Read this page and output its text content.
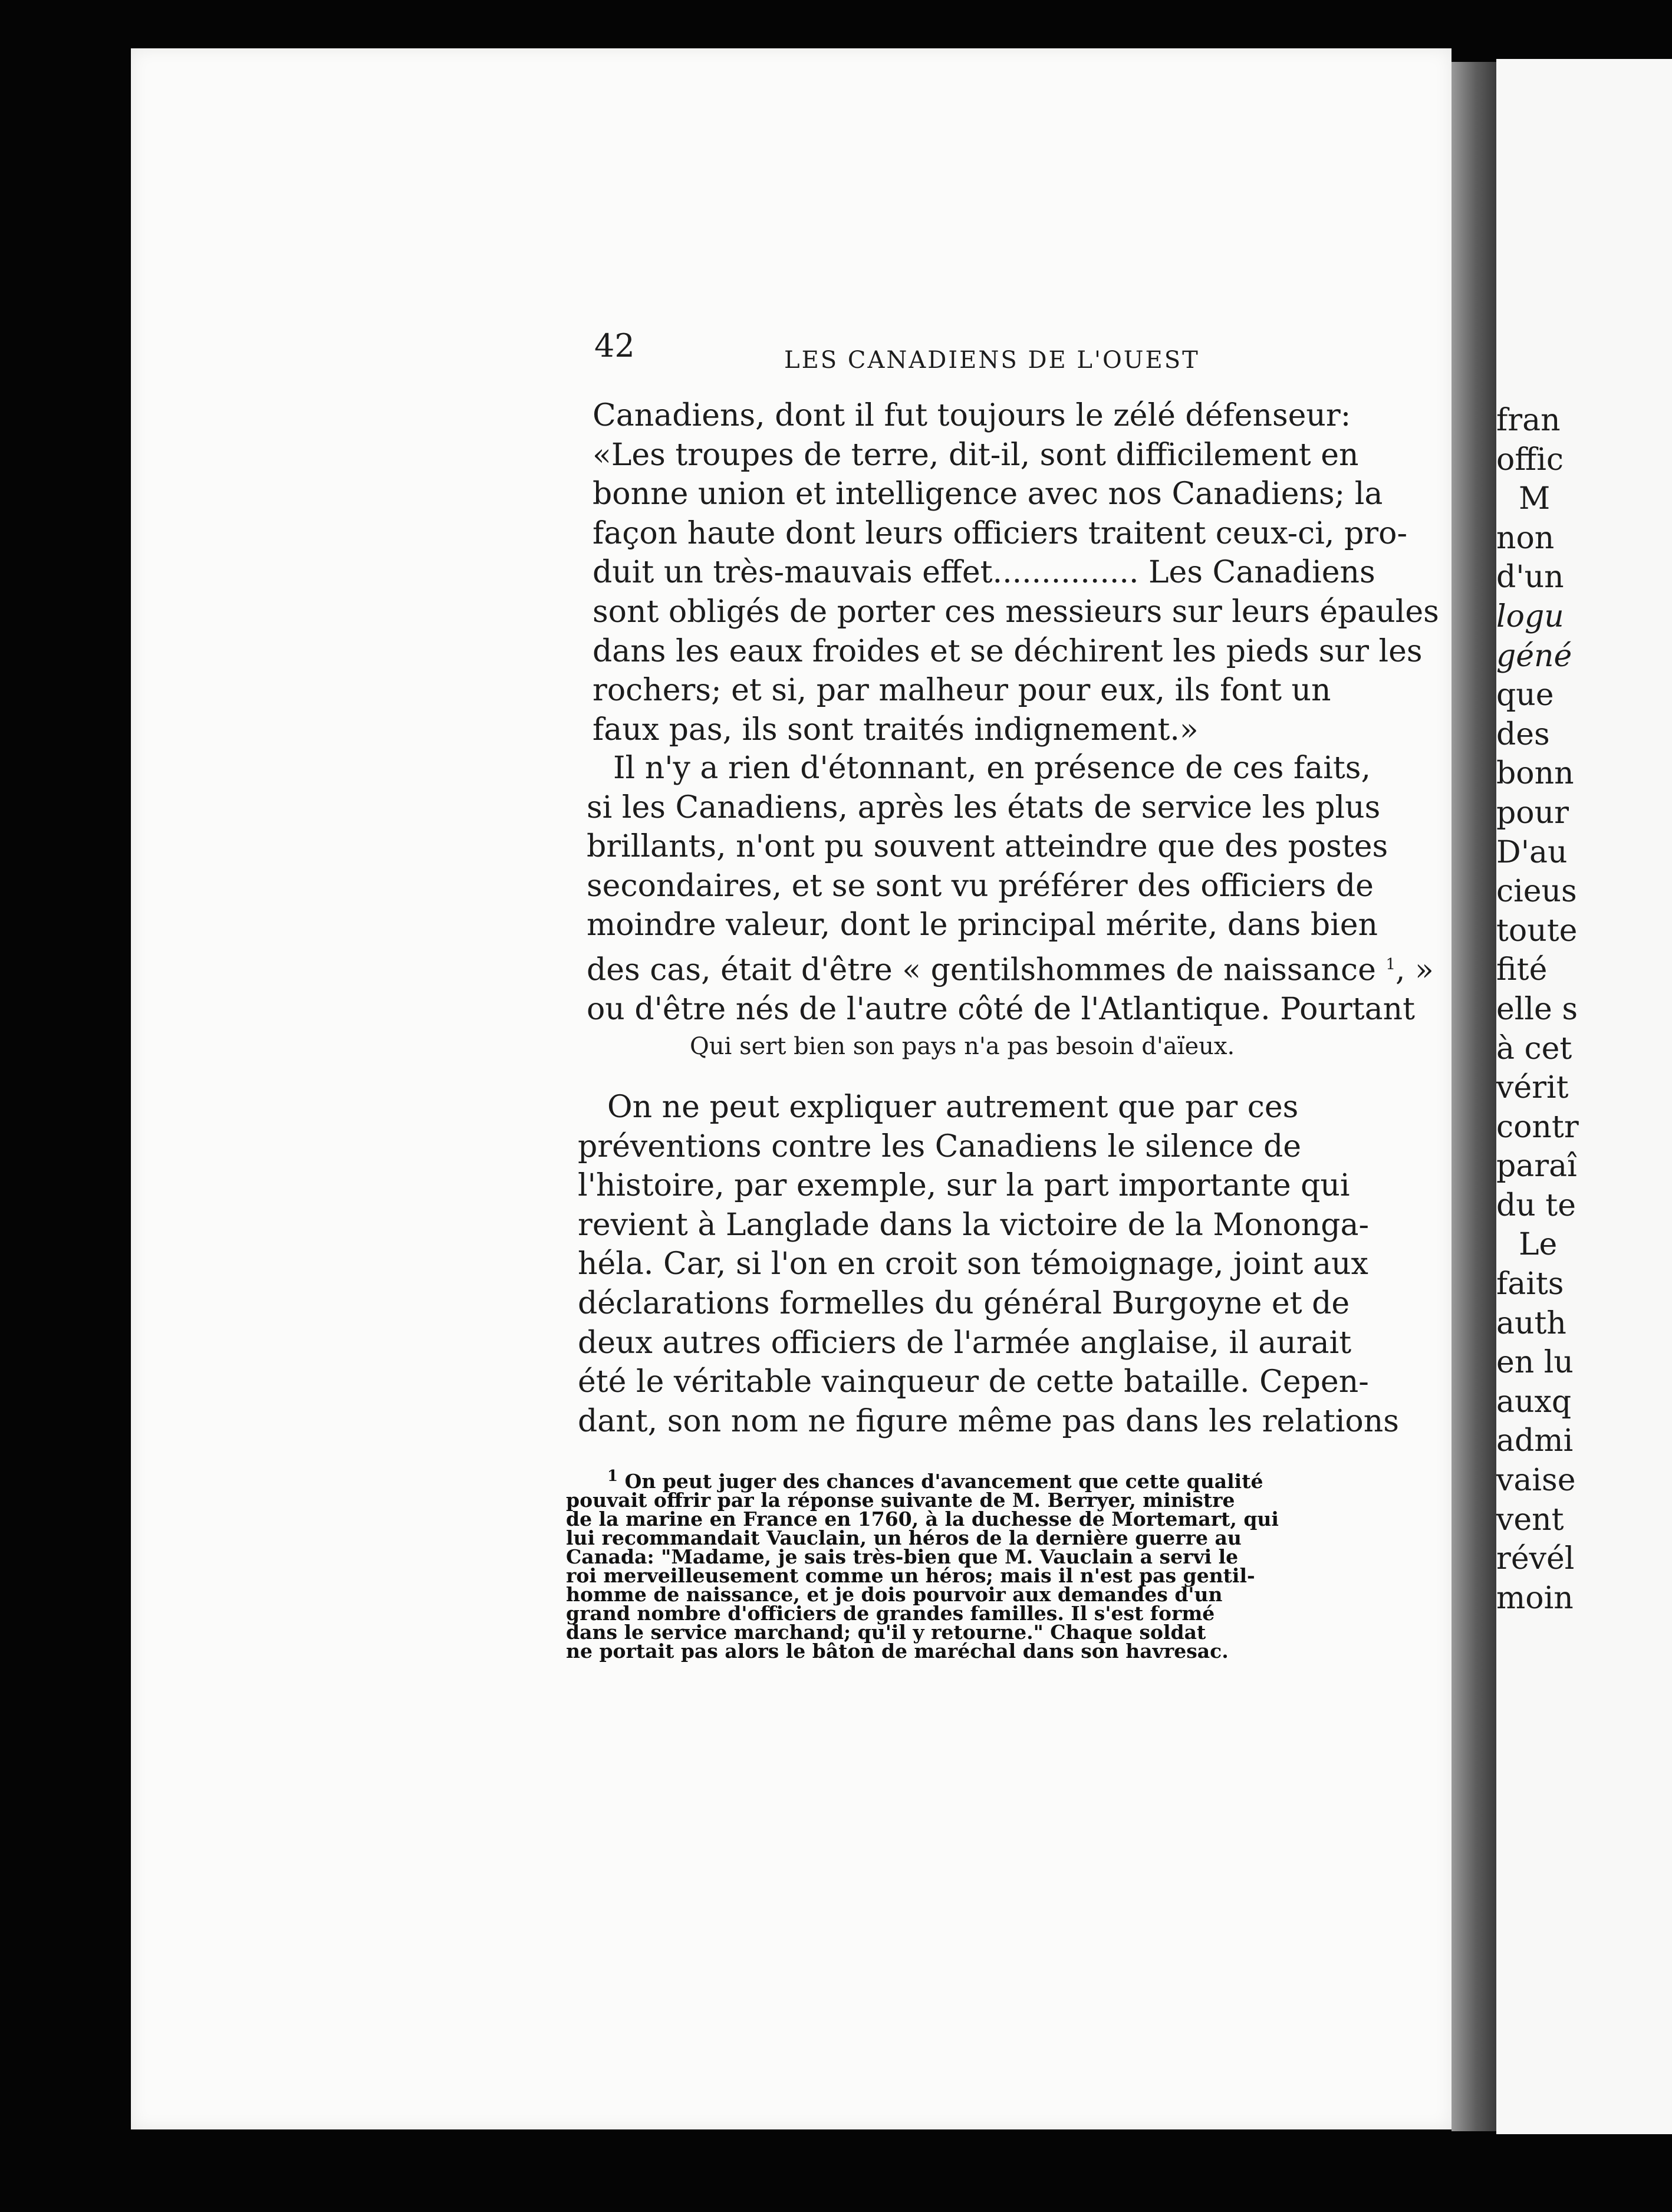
fran
offic
M
non
d'un
logu
géné
que
des
bonn
pour
D'au
cieus
toute
fité
elle s
à cet
vérit
contr
paraî
du te
Le
faits
auth
en lu
auxq
admi
vaise
vent
révél
moin

42	LES CANADIENS DE L'OUEST

Canadiens, dont il fut toujours le zélé défenseur:
«Les troupes de terre, dit-il, sont difficilement en
bonne union et intelligence avec nos Canadiens; la
façon haute dont leurs officiers traitent ceux-ci, pro-
duit un très-mauvais effet............... Les Canadiens
sont obligés de porter ces messieurs sur leurs épaules
dans les eaux froides et se déchirent les pieds sur les
rochers; et si, par malheur pour eux, ils font un
faux pas, ils sont traités indignement.»

Il n'y a rien d'étonnant, en présence de ces faits,
si les Canadiens, après les états de service les plus
brillants, n'ont pu souvent atteindre que des postes
secondaires, et se sont vu préférer des officiers de
moindre valeur, dont le principal mérite, dans bien
des cas, était d'être « gentilshommes de naissance $^1$, »
ou d'être nés de l'autre côté de l'Atlantique. Pourtant

Qui sert bien son pays n'a pas besoin d'aïeux.

On ne peut expliquer autrement que par ces
préventions contre les Canadiens le silence de
l'histoire, par exemple, sur la part importante qui
revient à Langlade dans la victoire de la Mononga-
héla. Car, si l'on en croit son témoignage, joint aux
déclarations formelles du général Burgoyne et de
deux autres officiers de l'armée anglaise, il aurait
été le véritable vainqueur de cette bataille. Cepen-
dant, son nom ne figure même pas dans les relations

$^1$ On peut juger des chances d'avancement que cette qualité
pouvait offrir par la réponse suivante de M. Berryer, ministre
de la marine en France en 1760, à la duchesse de Mortemart, qui
lui recommandait Vauclain, un héros de la dernière guerre au
Canada: "Madame, je sais très-bien que M. Vauclain a servi le
roi merveilleusement comme un héros; mais il n'est pas gentil-
homme de naissance, et je dois pourvoir aux demandes d'un
grand nombre d'officiers de grandes familles. Il s'est formé
dans le service marchand; qu'il y retourne." Chaque soldat
ne portait pas alors le bâton de maréchal dans son havresac.
